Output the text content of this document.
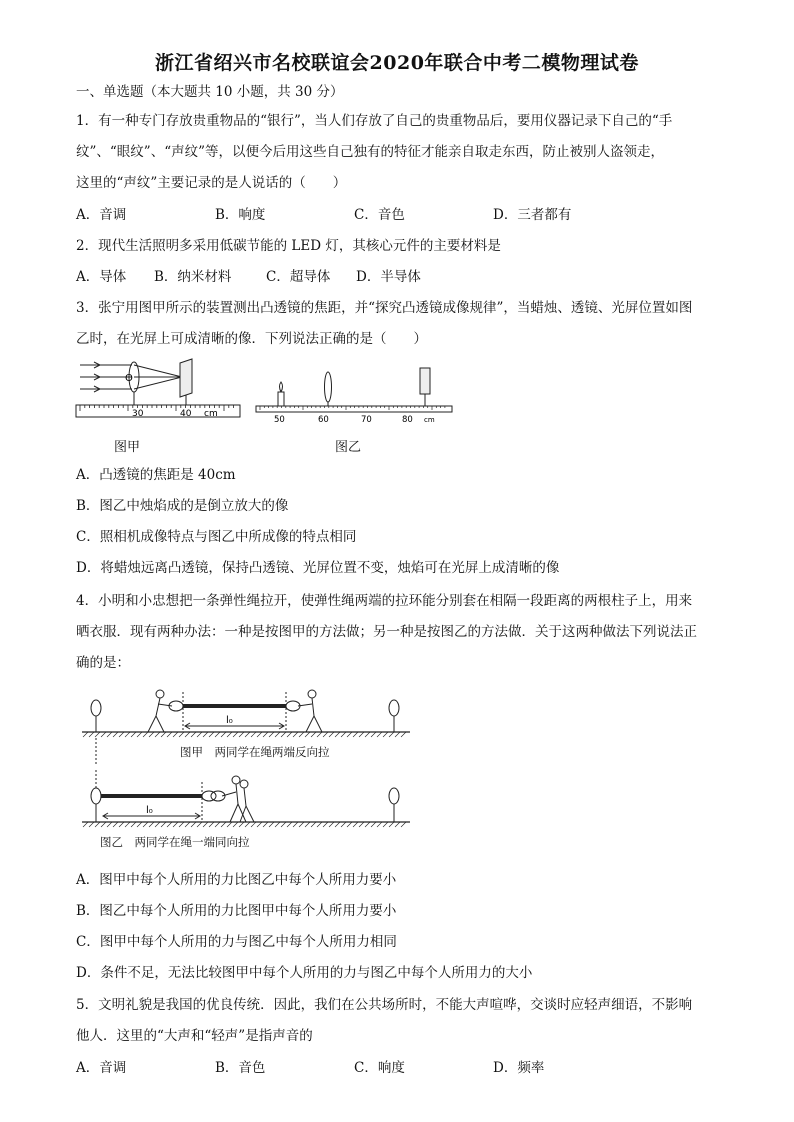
浙江省绍兴市名校联谊会2020年联合中考二模物理试卷
一、单选题（本大题共 10 小题，共 30 分）
1．有一种专门存放贵重物品的“银行”，当人们存放了自己的贵重物品后，要用仪器记录下自己的“手
纹”、“眼纹”、“声纹”等，以便今后用这些自己独有的特征才能亲自取走东西，防止被别人盗领走，
这里的“声纹”主要记录的是人说话的（　　）
A．音调	B．响度	C．音色	D．三者都有
2．现代生活照明多采用低碳节能的 LED 灯，其核心元件的主要材料是
A．导体 B．纳米材料	C．超导体 D．半导体
3．张宁用图甲所示的装置测出凸透镜的焦距，并“探究凸透镜成像规律”，当蜡烛、透镜、光屏位置如图
乙时，在光屏上可成清晰的像．下列说法正确的是（　　）
O
30	40 cm
图甲
50	60	70	80 cm
图乙
A．凸透镜的焦距是 40cm
B．图乙中烛焰成的是倒立放大的像
C．照相机成像特点与图乙中所成像的特点相同
D．将蜡烛远离凸透镜，保持凸透镜、光屏位置不变，烛焰可在光屏上成清晰的像
4．小明和小忠想把一条弹性绳拉开，使弹性绳两端的拉环能分别套在相隔一段距离的两根柱子上，用来
晒衣服．现有两种办法：一种是按图甲的方法做；另一种是按图乙的方法做．关于这两种做法下列说法正
确的是：
l₀
图甲　两同学在绳两端反向拉
l₀
图乙　两同学在绳一端同向拉
A．图甲中每个人所用的力比图乙中每个人所用力要小
B．图乙中每个人所用的力比图甲中每个人所用力要小
C．图甲中每个人所用的力与图乙中每个人所用力相同
D．条件不足，无法比较图甲中每个人所用的力与图乙中每个人所用力的大小
5．文明礼貌是我国的优良传统．因此，我们在公共场所时，不能大声喧哗，交谈时应轻声细语，不影响
他人．这里的“大声和“轻声”是指声音的
A．音调	B．音色	C．响度	D．频率
